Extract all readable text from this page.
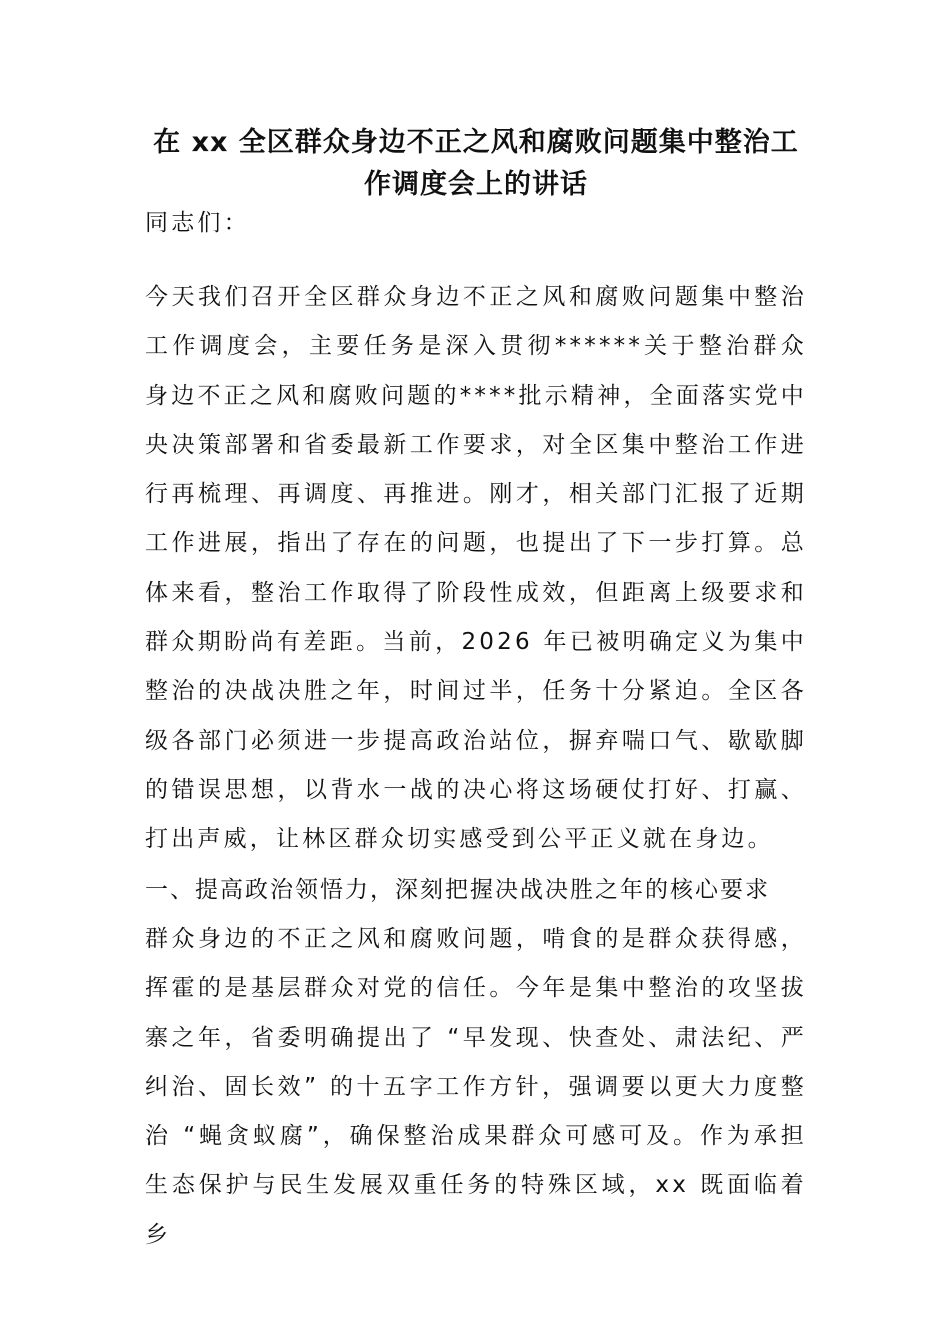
在 xx 全区群众身边不正之风和腐败问题集中整治工作调度会上的讲话

同志们：

今天我们召开全区群众身边不正之风和腐败问题集中整治工作调度会，主要任务是深入贯彻******关于整治群众身边不正之风和腐败问题的****批示精神，全面落实党中央决策部署和省委最新工作要求，对全区集中整治工作进行再梳理、再调度、再推进。刚才，相关部门汇报了近期工作进展，指出了存在的问题，也提出了下一步打算。总体来看，整治工作取得了阶段性成效，但距离上级要求和群众期盼尚有差距。当前，2026 年已被明确定义为集中整治的决战决胜之年，时间过半，任务十分紧迫。全区各级各部门必须进一步提高政治站位，摒弃喘口气、歇歇脚的错误思想，以背水一战的决心将这场硬仗打好、打赢、打出声威，让林区群众切实感受到公平正义就在身边。

一、提高政治领悟力，深刻把握决战决胜之年的核心要求

群众身边的不正之风和腐败问题，啃食的是群众获得感，挥霍的是基层群众对党的信任。今年是集中整治的攻坚拔寨之年，省委明确提出了 “早发现、快查处、肃法纪、严纠治、固长效” 的十五字工作方针，强调要以更大力度整治 “蝇贪蚁腐”，确保整治成果群众可感可及。作为承担生态保护与民生发展双重任务的特殊区域，xx 既面临着乡
